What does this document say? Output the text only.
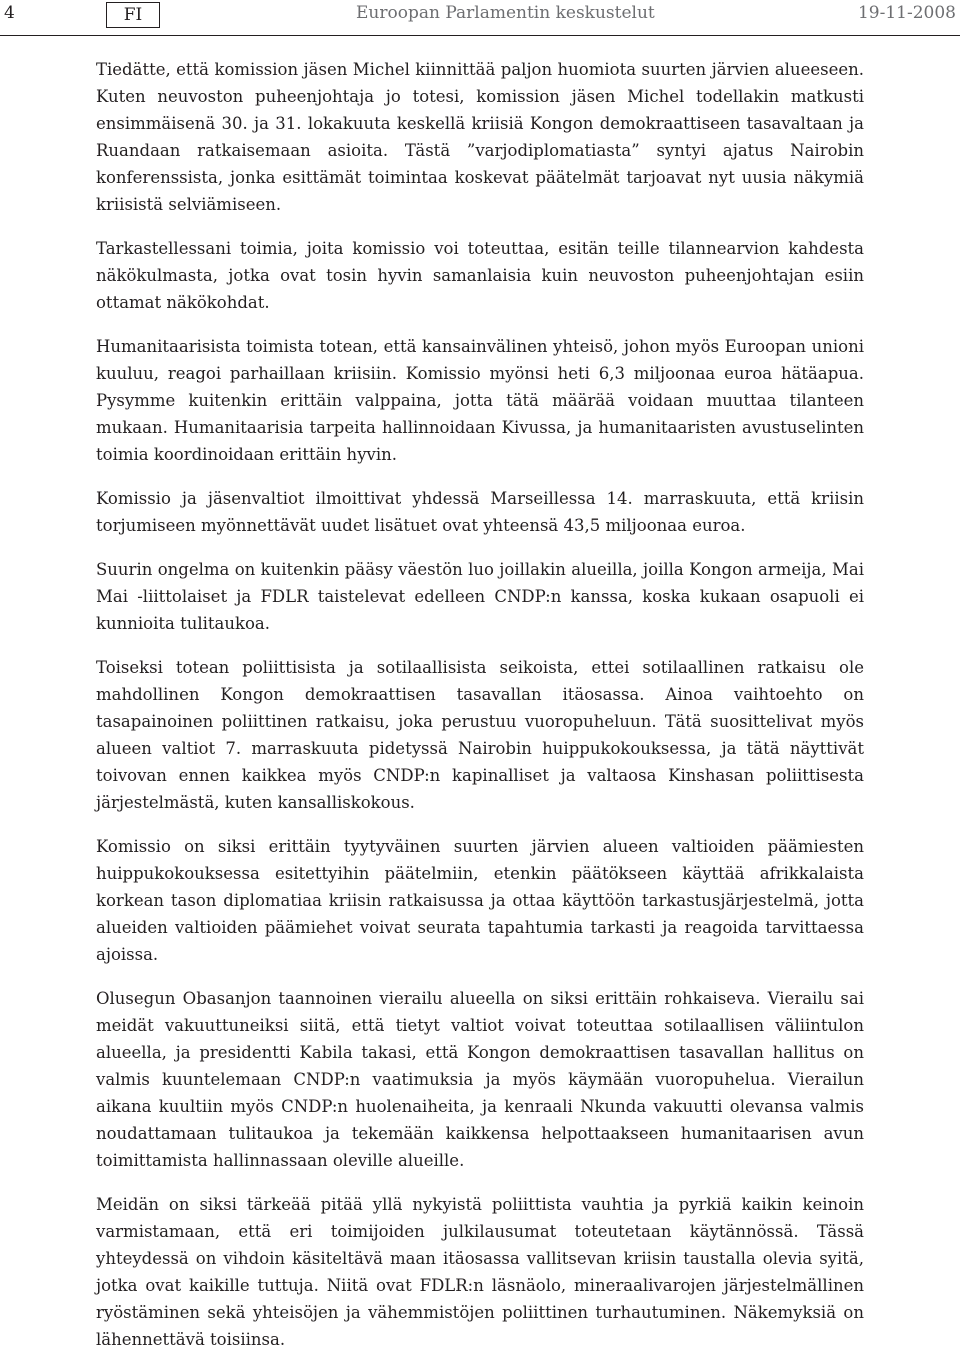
4	FI	Euroopan Parlamentin keskustelut	19-11-2008

Tiedätte, että komission jäsen Michel kiinnittää paljon huomiota suurten järvien alueeseen. Kuten neuvoston puheenjohtaja jo totesi, komission jäsen Michel todellakin matkusti ensimmäisenä 30. ja 31. lokakuuta keskellä kriisiä Kongon demokraattiseen tasavaltaan ja Ruandaan ratkaisemaan asioita. Tästä ”varjodiplomatiasta” syntyi ajatus Nairobin konferenssista, jonka esittämät toimintaa koskevat päätelmät tarjoavat nyt uusia näkymiä kriisistä selviämiseen.

Tarkastellessani toimia, joita komissio voi toteuttaa, esitän teille tilannearvion kahdesta näkökulmasta, jotka ovat tosin hyvin samanlaisia kuin neuvoston puheenjohtajan esiin ottamat näkökohdat.

Humanitaarisista toimista totean, että kansainvälinen yhteisö, johon myös Euroopan unioni kuuluu, reagoi parhaillaan kriisiin. Komissio myönsi heti 6,3 miljoonaa euroa hätäapua. Pysymme kuitenkin erittäin valppaina, jotta tätä määrää voidaan muuttaa tilanteen mukaan. Humanitaarisia tarpeita hallinnoidaan Kivussa, ja humanitaaristen avustuselinten toimia koordinoidaan erittäin hyvin.

Komissio ja jäsenvaltiot ilmoittivat yhdessä Marseillessa 14. marraskuuta, että kriisin torjumiseen myönnettävät uudet lisätuet ovat yhteensä 43,5 miljoonaa euroa.

Suurin ongelma on kuitenkin pääsy väestön luo joillakin alueilla, joilla Kongon armeija, Mai Mai -liittolaiset ja FDLR taistelevat edelleen CNDP:n kanssa, koska kukaan osapuoli ei kunnioita tulitaukoa.

Toiseksi totean poliittisista ja sotilaallisista seikoista, ettei sotilaallinen ratkaisu ole mahdollinen Kongon demokraattisen tasavallan itäosassa. Ainoa vaihtoehto on tasapainoinen poliittinen ratkaisu, joka perustuu vuoropuheluun. Tätä suosittelivat myös alueen valtiot 7. marraskuuta pidetyssä Nairobin huippukokouksessa, ja tätä näyttivät toivovan ennen kaikkea myös CNDP:n kapinalliset ja valtaosa Kinshasan poliittisesta järjestelmästä, kuten kansalliskokous.

Komissio on siksi erittäin tyytyväinen suurten järvien alueen valtioiden päämiesten huippukokouksessa esitettyihin päätelmiin, etenkin päätökseen käyttää afrikkalaista korkean tason diplomatiaa kriisin ratkaisussa ja ottaa käyttöön tarkastusjärjestelmä, jotta alueiden valtioiden päämiehet voivat seurata tapahtumia tarkasti ja reagoida tarvittaessa ajoissa.

Olusegun Obasanjon taannoinen vierailu alueella on siksi erittäin rohkaiseva. Vierailu sai meidät vakuuttuneiksi siitä, että tietyt valtiot voivat toteuttaa sotilaallisen väliintulon alueella, ja presidentti Kabila takasi, että Kongon demokraattisen tasavallan hallitus on valmis kuuntelemaan CNDP:n vaatimuksia ja myös käymään vuoropuhelua. Vierailun aikana kuultiin myös CNDP:n huolenaiheita, ja kenraali Nkunda vakuutti olevansa valmis noudattamaan tulitaukoa ja tekemään kaikkensa helpottaakseen humanitaarisen avun toimittamista hallinnassaan oleville alueille.

Meidän on siksi tärkeää pitää yllä nykyistä poliittista vauhtia ja pyrkiä kaikin keinoin varmistamaan, että eri toimijoiden julkilausumat toteutetaan käytännössä. Tässä yhteydessä on vihdoin käsiteltävä maan itäosassa vallitsevan kriisin taustalla olevia syitä, jotka ovat kaikille tuttuja. Niitä ovat FDLR:n läsnäolo, mineraalivarojen järjestelmällinen ryöstäminen sekä yhteisöjen ja vähemmistöjen poliittinen turhautuminen. Näkemyksiä on lähennettävä toisiinsa.
